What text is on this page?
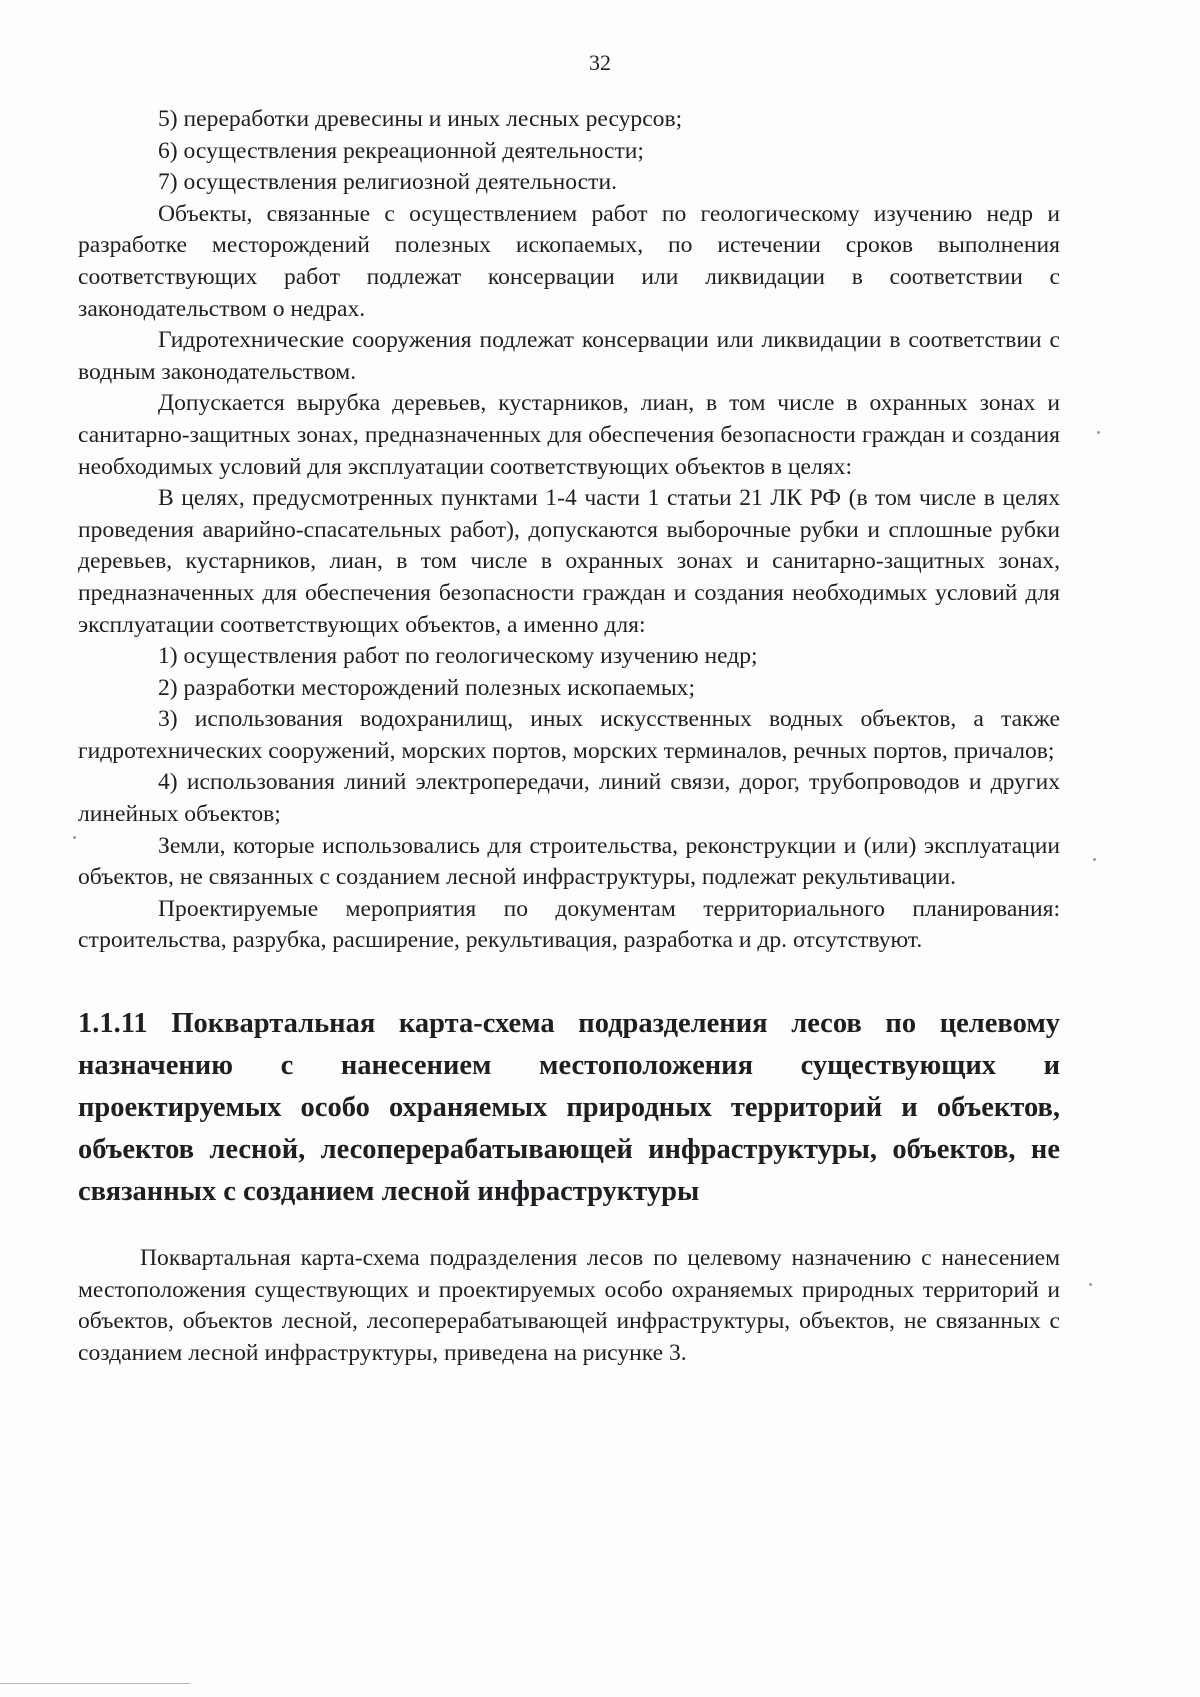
32

5) переработки древесины и иных лесных ресурсов;

6) осуществления рекреационной деятельности;

7) осуществления религиозной деятельности.

Объекты, связанные с осуществлением работ по геологическому изучению недр и разработке месторождений полезных ископаемых, по истечении сроков выполнения соответствующих работ подлежат консервации или ликвидации в соответствии с законодательством о недрах.

Гидротехнические сооружения подлежат консервации или ликвидации в соответствии с водным законодательством.

Допускается вырубка деревьев, кустарников, лиан, в том числе в охранных зонах и санитарно-защитных зонах, предназначенных для обеспечения безопасности граждан и создания необходимых условий для эксплуатации соответствующих объектов в целях:

В целях, предусмотренных пунктами 1-4 части 1 статьи 21 ЛК РФ (в том числе в целях проведения аварийно-спасательных работ), допускаются выборочные рубки и сплошные рубки деревьев, кустарников, лиан, в том числе в охранных зонах и санитарно-защитных зонах, предназначенных для обеспечения безопасности граждан и создания необходимых условий для эксплуатации соответствующих объектов, а именно для:

1) осуществления работ по геологическому изучению недр;

2) разработки месторождений полезных ископаемых;

3) использования водохранилищ, иных искусственных водных объектов, а также гидротехнических сооружений, морских портов, морских терминалов, речных портов, причалов;

4) использования линий электропередачи, линий связи, дорог, трубопроводов и других линейных объектов;

Земли, которые использовались для строительства, реконструкции и (или) эксплуатации объектов, не связанных с созданием лесной инфраструктуры, подлежат рекультивации.

Проектируемые мероприятия по документам территориального планирования: строительства, разрубка, расширение, рекультивация, разработка и др. отсутствуют.

1.1.11 Поквартальная карта-схема подразделения лесов по целевому назначению с нанесением местоположения существующих и проектируемых особо охраняемых природных территорий и объектов, объектов лесной, лесоперерабатывающей инфраструктуры, объектов, не связанных с созданием лесной инфраструктуры

Поквартальная карта-схема подразделения лесов по целевому назначению с нанесением местоположения существующих и проектируемых особо охраняемых природных территорий и объектов, объектов лесной, лесоперерабатывающей инфраструктуры, объектов, не связанных с созданием лесной инфраструктуры, приведена на рисунке 3.
